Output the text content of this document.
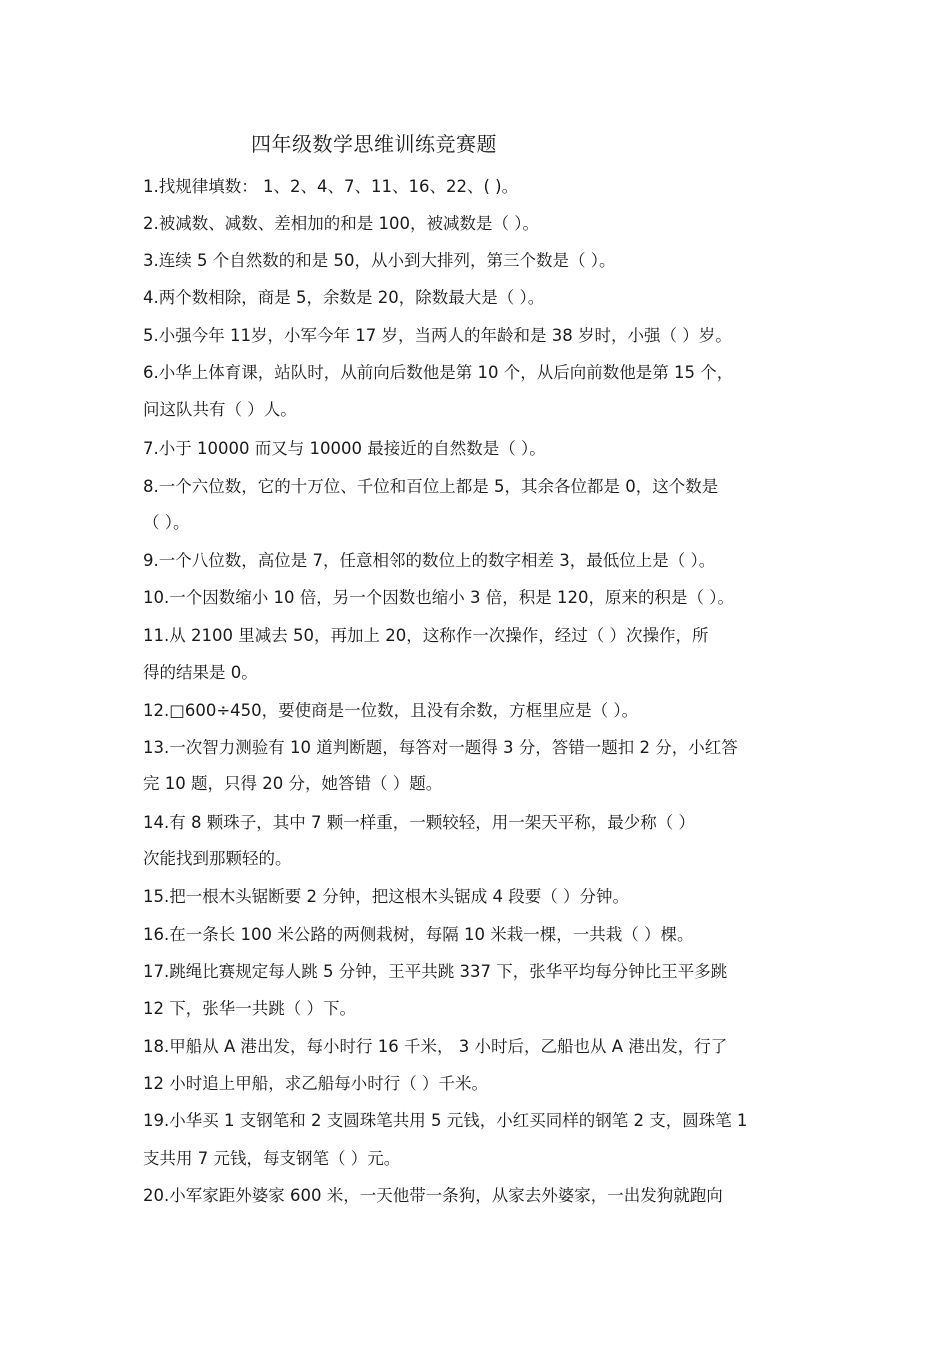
四年级数学思维训练竞赛题
1.找规律填数： 1、2、4、7、11、16、22、( )。
2.被减数、减数、差相加的和是 100，被减数是（ ）。
3.连续 5 个自然数的和是 50，从小到大排列，第三个数是（ ）。
4.两个数相除，商是 5，余数是 20，除数最大是（ ）。
5.小强今年 11岁，小军今年 17 岁，当两人的年龄和是 38 岁时，小强（ ）岁。
6.小华上体育课，站队时，从前向后数他是第 10 个，从后向前数他是第 15 个，
问这队共有（ ）人。
7.小于 10000 而又与 10000 最接近的自然数是（ ）。
8.一个六位数，它的十万位、千位和百位上都是 5，其余各位都是 0，这个数是
（ ）。
9.一个八位数，高位是 7，任意相邻的数位上的数字相差 3，最低位上是（ ）。
10.一个因数缩小 10 倍，另一个因数也缩小 3 倍，积是 120，原来的积是（ ）。
11.从 2100 里减去 50，再加上 20，这称作一次操作，经过（ ）次操作，所
得的结果是 0。
12.□600÷450，要使商是一位数，且没有余数，方框里应是（ ）。
13.一次智力测验有 10 道判断题，每答对一题得 3 分，答错一题扣 2 分，小红答
完 10 题，只得 20 分，她答错（ ）题。
14.有 8 颗珠子，其中 7 颗一样重，一颗较轻，用一架天平称，最少称（ ）
次能找到那颗轻的。
15.把一根木头锯断要 2 分钟，把这根木头锯成 4 段要（ ）分钟。
16.在一条长 100 米公路的两侧栽树，每隔 10 米栽一棵，一共栽（ ）棵。
17.跳绳比赛规定每人跳 5 分钟，王平共跳 337 下，张华平均每分钟比王平多跳
12 下，张华一共跳（ ）下。
18.甲船从 A 港出发，每小时行 16 千米， 3 小时后，乙船也从 A 港出发，行了
12 小时追上甲船，求乙船每小时行（ ）千米。
19.小华买 1 支钢笔和 2 支圆珠笔共用 5 元钱，小红买同样的钢笔 2 支，圆珠笔 1
支共用 7 元钱，每支钢笔（ ）元。
20.小军家距外婆家 600 米，一天他带一条狗，从家去外婆家，一出发狗就跑向
